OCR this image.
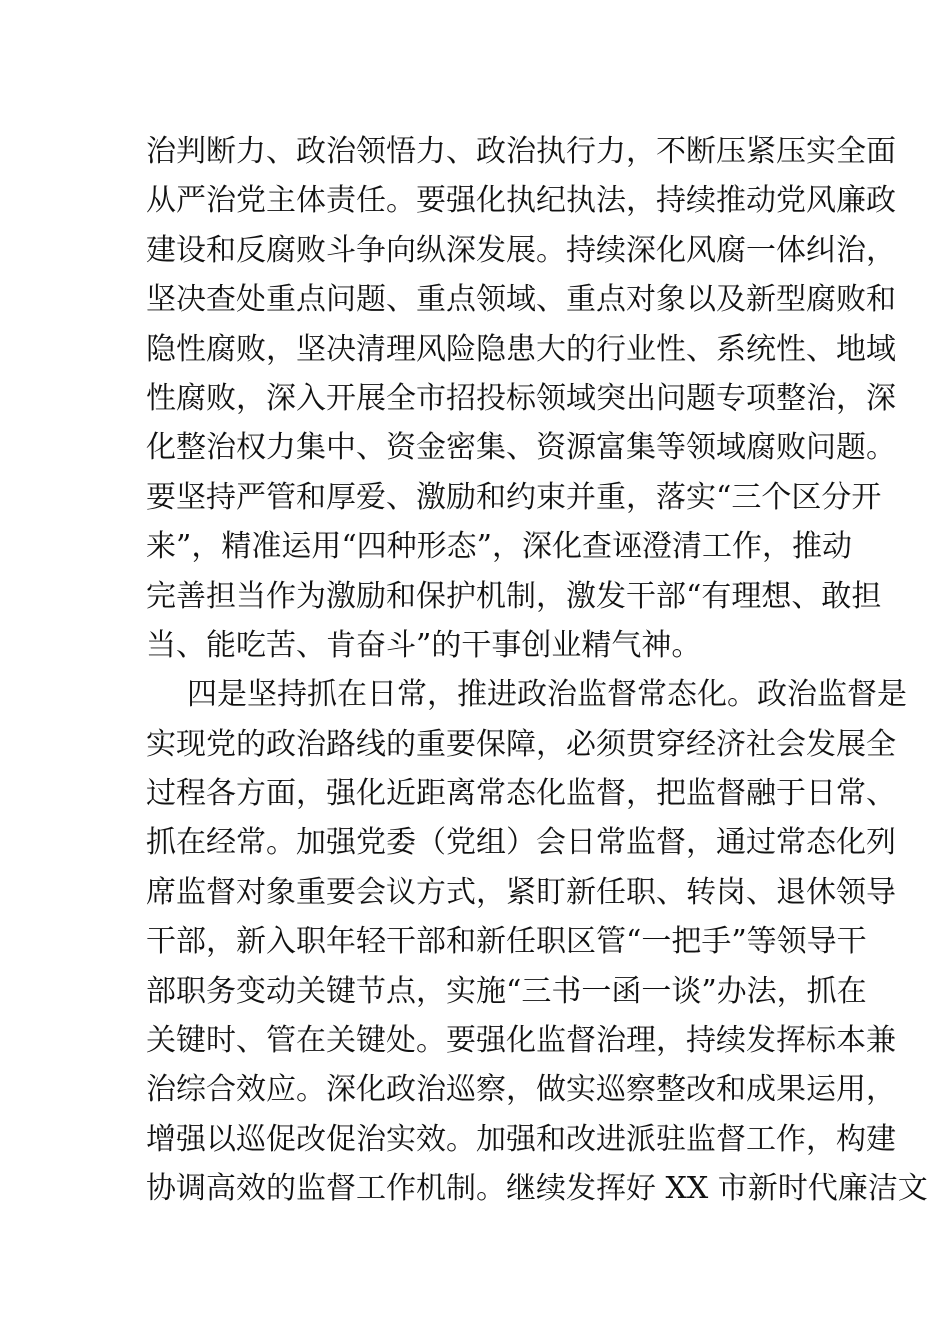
治判断力、政治领悟力、政治执行力，不断压紧压实全面
从严治党主体责任。要强化执纪执法，持续推动党风廉政
建设和反腐败斗争向纵深发展。持续深化风腐一体纠治，
坚决查处重点问题、重点领域、重点对象以及新型腐败和
隐性腐败，坚决清理风险隐患大的行业性、系统性、地域
性腐败，深入开展全市招投标领域突出问题专项整治，深
化整治权力集中、资金密集、资源富集等领域腐败问题。
要坚持严管和厚爱、激励和约束并重，落实“三个区分开
来”，精准运用“四种形态”，深化查诬澄清工作，推动
完善担当作为激励和保护机制，激发干部“有理想、敢担
当、能吃苦、肯奋斗”的干事创业精气神。
四是坚持抓在日常，推进政治监督常态化。政治监督是
实现党的政治路线的重要保障，必须贯穿经济社会发展全
过程各方面，强化近距离常态化监督，把监督融于日常、
抓在经常。加强党委（党组）会日常监督，通过常态化列
席监督对象重要会议方式，紧盯新任职、转岗、退休领导
干部，新入职年轻干部和新任职区管“一把手”等领导干
部职务变动关键节点，实施“三书一函一谈”办法，抓在
关键时、管在关键处。要强化监督治理，持续发挥标本兼
治综合效应。深化政治巡察，做实巡察整改和成果运用，
增强以巡促改促治实效。加强和改进派驻监督工作，构建
协调高效的监督工作机制。继续发挥好 XX 市新时代廉洁文
